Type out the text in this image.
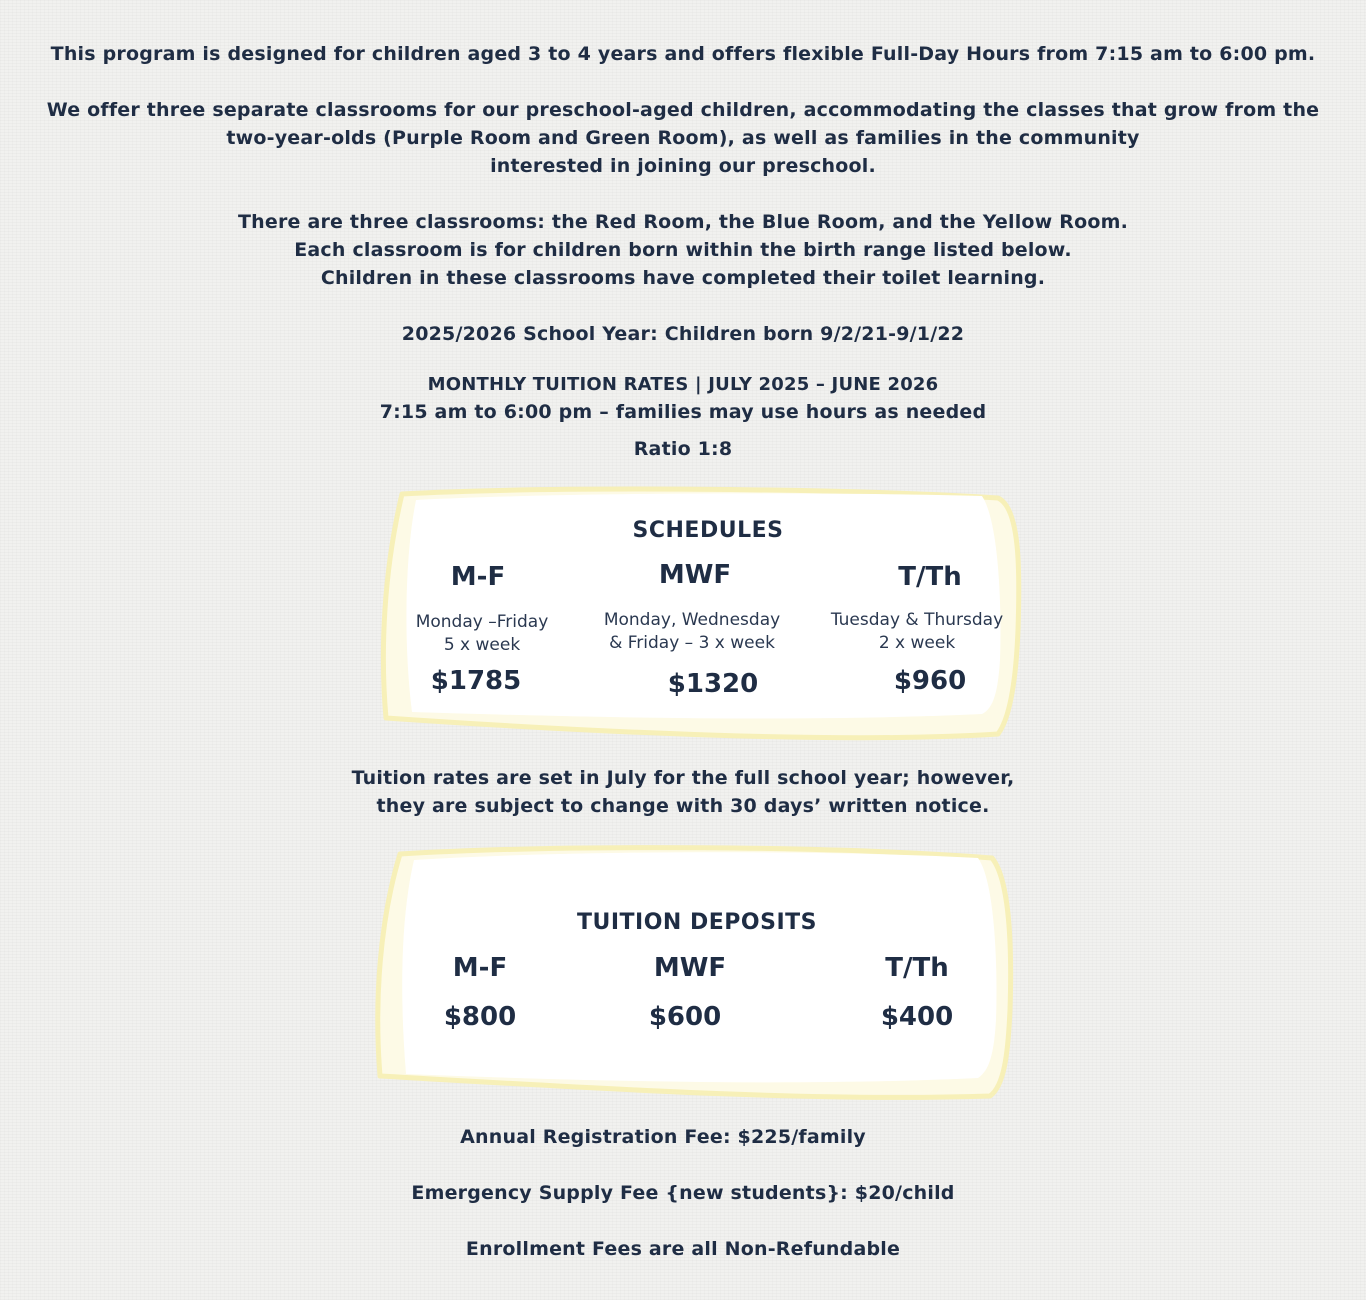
This program is designed for children aged 3 to 4 years and offers flexible Full-Day Hours from 7:15 am to 6:00 pm.
We offer three separate classrooms for our preschool-aged children, accommodating the classes that grow from the
two-year-olds (Purple Room and Green Room), as well as families in the community
interested in joining our preschool.
There are three classrooms: the Red Room, the Blue Room, and the Yellow Room.
Each classroom is for children born within the birth range listed below.
Children in these classrooms have completed their toilet learning.
2025/2026 School Year: Children born 9/2/21-9/1/22
MONTHLY TUITION RATES | JULY 2025 – JUNE 2026
7:15 am to 6:00 pm – families may use hours as needed
Ratio 1:8
SCHEDULES
M-F
Monday –Friday
5 x week
$1785
MWF
Monday, Wednesday
& Friday – 3 x week
$1320
T/Th
Tuesday & Thursday
2 x week
$960
Tuition rates are set in July for the full school year; however,
they are subject to change with 30 days’ written notice.
TUITION DEPOSITS
M-F
$800
MWF
$600
T/Th
$400
Annual Registration Fee: $225/family
Emergency Supply Fee {new students}: $20/child
Enrollment Fees are all Non-Refundable
